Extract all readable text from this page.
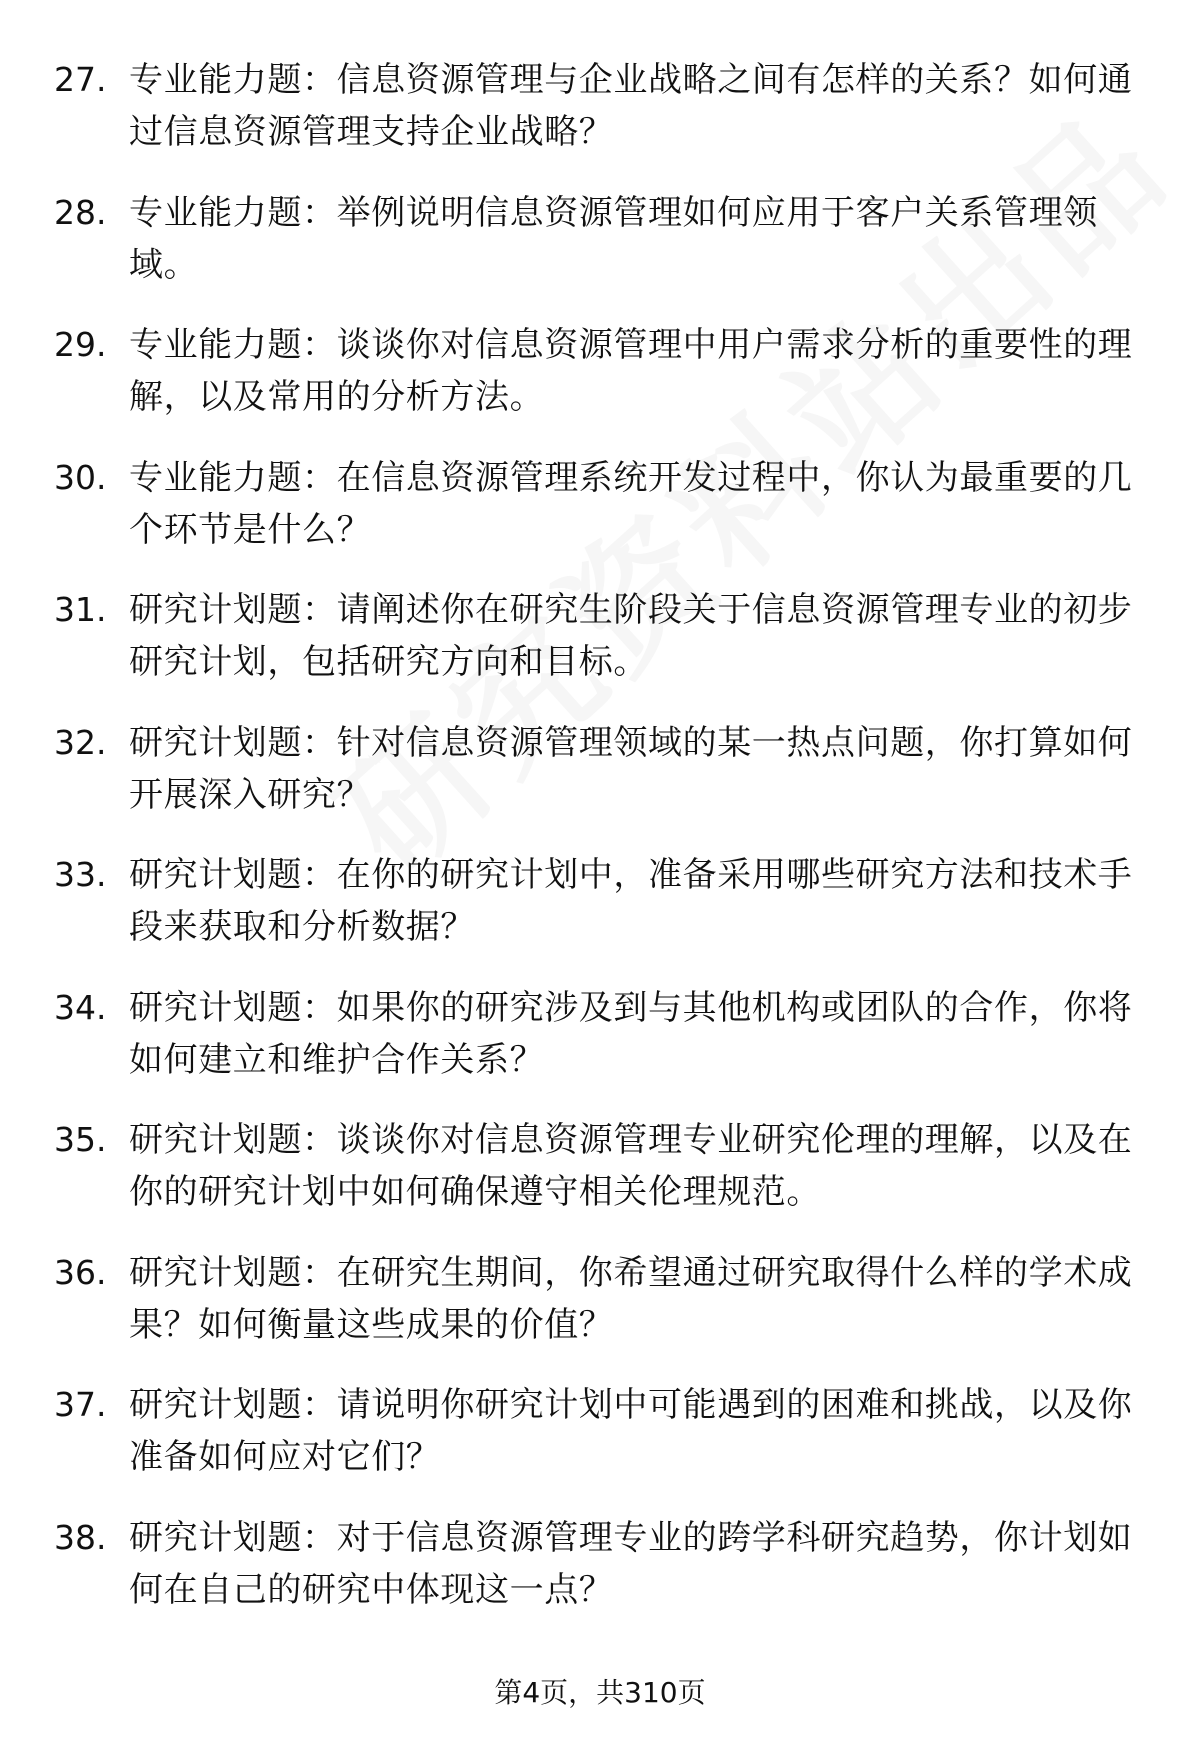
27. 专业能力题：信息资源管理与企业战略之间有怎样的关系？如何通过信息资源管理支持企业战略？
28. 专业能力题：举例说明信息资源管理如何应用于客户关系管理领域。
29. 专业能力题：谈谈你对信息资源管理中用户需求分析的重要性的理解，以及常用的分析方法。
30. 专业能力题：在信息资源管理系统开发过程中，你认为最重要的几个环节是什么？
31. 研究计划题：请阐述你在研究生阶段关于信息资源管理专业的初步研究计划，包括研究方向和目标。
32. 研究计划题：针对信息资源管理领域的某一热点问题，你打算如何开展深入研究？
33. 研究计划题：在你的研究计划中，准备采用哪些研究方法和技术手段来获取和分析数据？
34. 研究计划题：如果你的研究涉及到与其他机构或团队的合作，你将如何建立和维护合作关系？
35. 研究计划题：谈谈你对信息资源管理专业研究伦理的理解，以及在你的研究计划中如何确保遵守相关伦理规范。
36. 研究计划题：在研究生期间，你希望通过研究取得什么样的学术成果？如何衡量这些成果的价值？
37. 研究计划题：请说明你研究计划中可能遇到的困难和挑战，以及你准备如何应对它们？
38. 研究计划题：对于信息资源管理专业的跨学科研究趋势，你计划如何在自己的研究中体现这一点？
第4页，共310页
